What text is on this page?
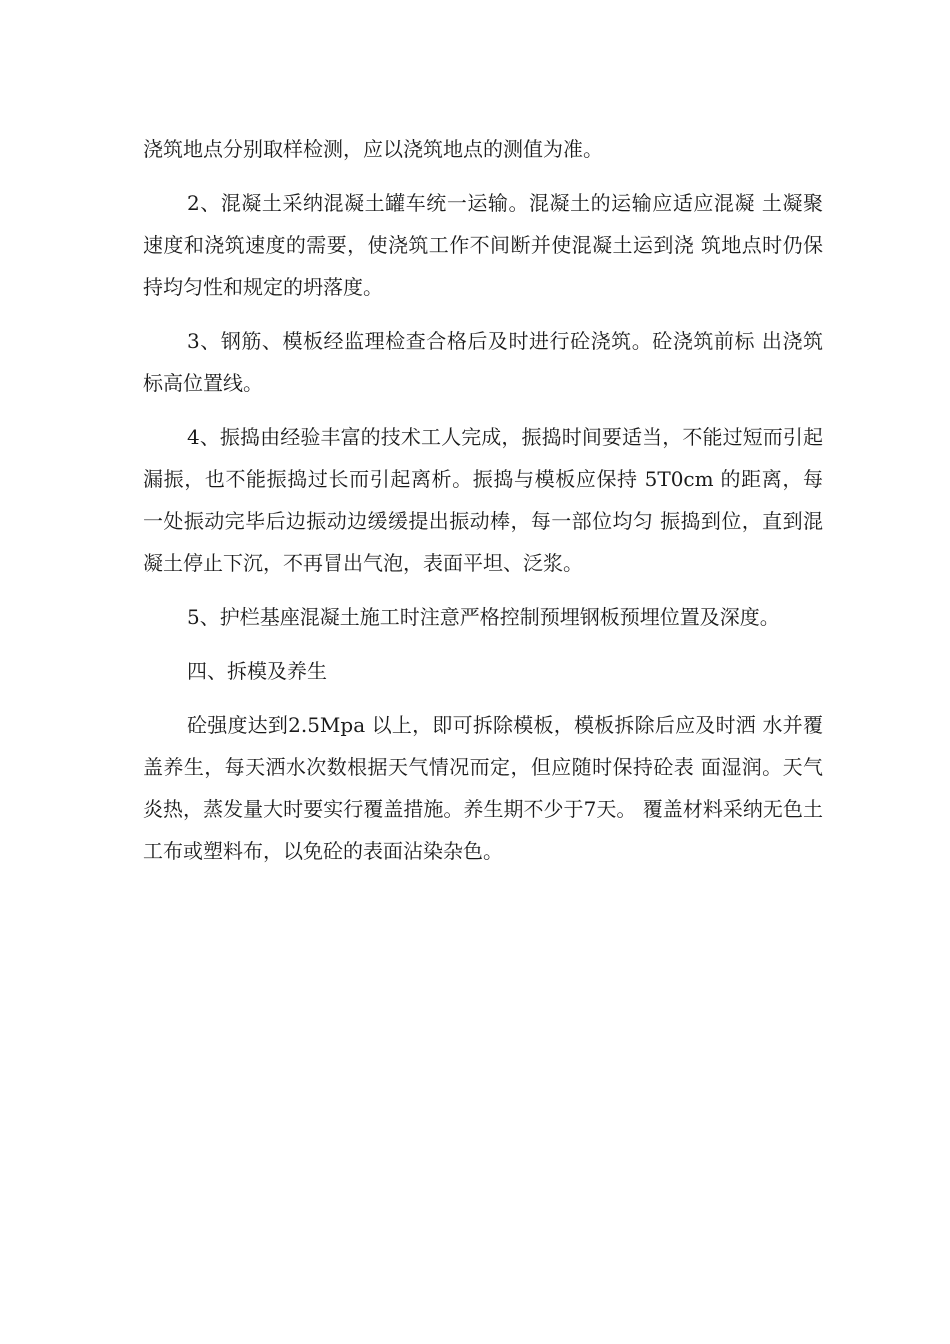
浇筑地点分别取样检测，应以浇筑地点的测值为准。

2、混凝土采纳混凝土罐车统一运输。混凝土的运输应适应混凝 土凝聚速度和浇筑速度的需要，使浇筑工作不间断并使混凝土运到浇 筑地点时仍保持均匀性和规定的坍落度。

3、钢筋、模板经监理检查合格后及时进行砼浇筑。砼浇筑前标 出浇筑标高位置线。

4、振捣由经验丰富的技术工人完成，振捣时间要适当，不能过短而引起漏振，也不能振捣过长而引起离析。振捣与模板应保持 5T0cm 的距离，每一处振动完毕后边振动边缓缓提出振动棒，每一部位均匀 振捣到位，直到混凝土停止下沉，不再冒出气泡，表面平坦、泛浆。

5、护栏基座混凝土施工时注意严格控制预埋钢板预埋位置及深度。

四、拆模及养生

砼强度达到2.5Mpa 以上，即可拆除模板，模板拆除后应及时洒 水并覆盖养生，每天洒水次数根据天气情况而定，但应随时保持砼表 面湿润。天气炎热，蒸发量大时要实行覆盖措施。养生期不少于7天。 覆盖材料采纳无色土工布或塑料布，以免砼的表面沾染杂色。
